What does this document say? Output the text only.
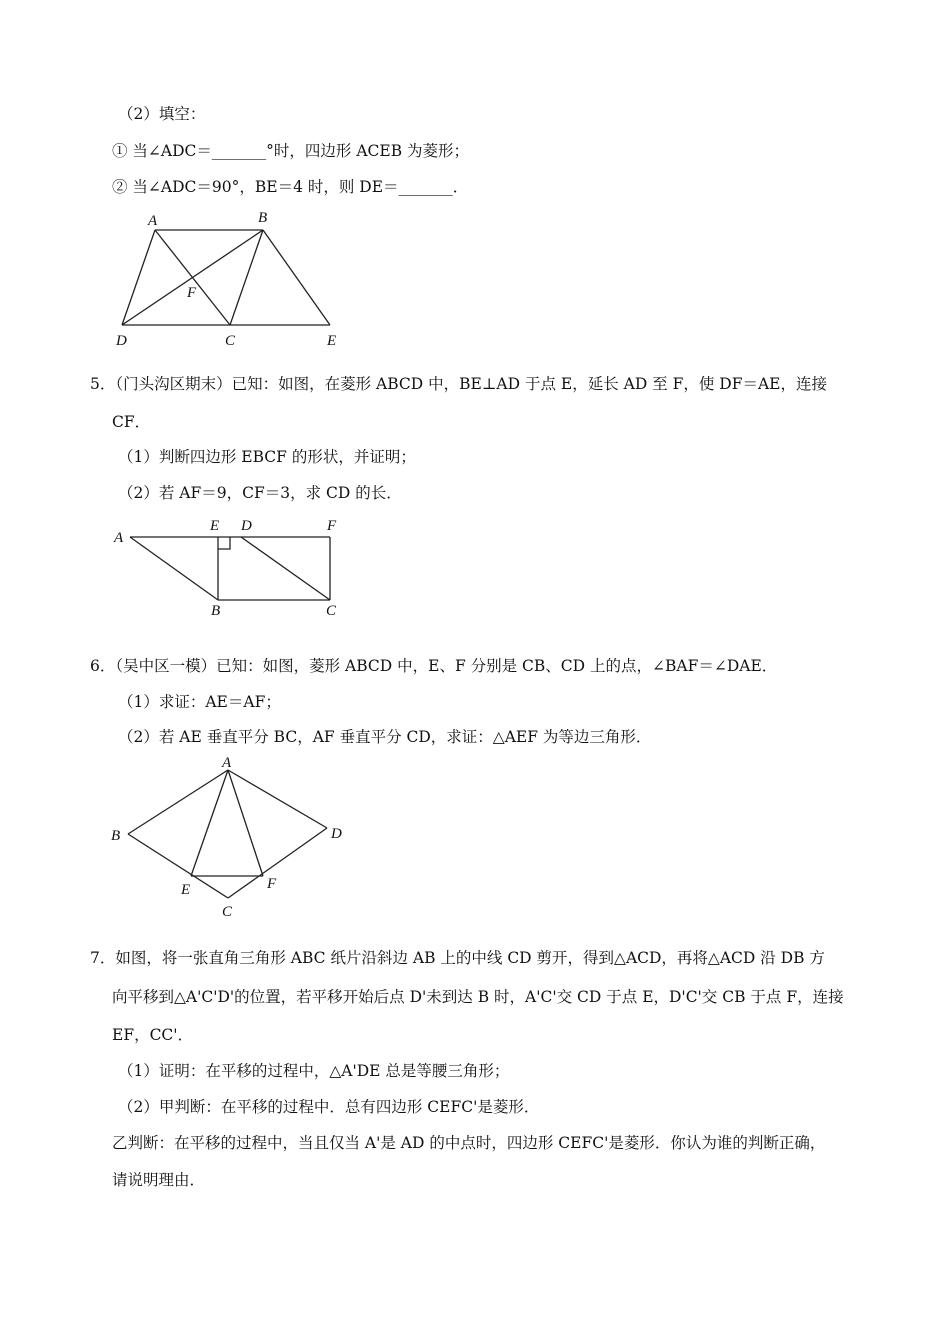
（2）填空：
① 当∠ADC＝_______°时，四边形 ACEB 为菱形；
② 当∠ADC＝90°，BE＝4 时，则 DE＝_______．
A	B
F
D	C	E
5．（门头沟区期末）已知：如图，在菱形 ABCD 中，BE⊥AD 于点 E，延长 AD 至 F，使 DF＝AE，连接
CF．
（1）判断四边形 EBCF 的形状，并证明；
（2）若 AF＝9，CF＝3，求 CD 的长．
A
E D	F
B	C
6．（吴中区一模）已知：如图，菱形 ABCD 中，E、F 分别是 CB、CD 上的点，∠BAF＝∠DAE．
（1）求证：AE＝AF；
（2）若 AE 垂直平分 BC，AF 垂直平分 CD，求证：△AEF 为等边三角形．
A
B	D
E	F
C
7．如图，将一张直角三角形 ABC 纸片沿斜边 AB 上的中线 CD 剪开，得到△ACD，再将△ACD 沿 DB 方
向平移到△A'C'D'的位置，若平移开始后点 D'未到达 B 时，A'C'交 CD 于点 E，D'C'交 CB 于点 F，连接
EF，CC'．
（1）证明：在平移的过程中，△A'DE 总是等腰三角形；
（2）甲判断：在平移的过程中．总有四边形 CEFC'是菱形．
乙判断：在平移的过程中，当且仅当 A'是 AD 的中点时，四边形 CEFC'是菱形．你认为谁的判断正确，
请说明理由．
